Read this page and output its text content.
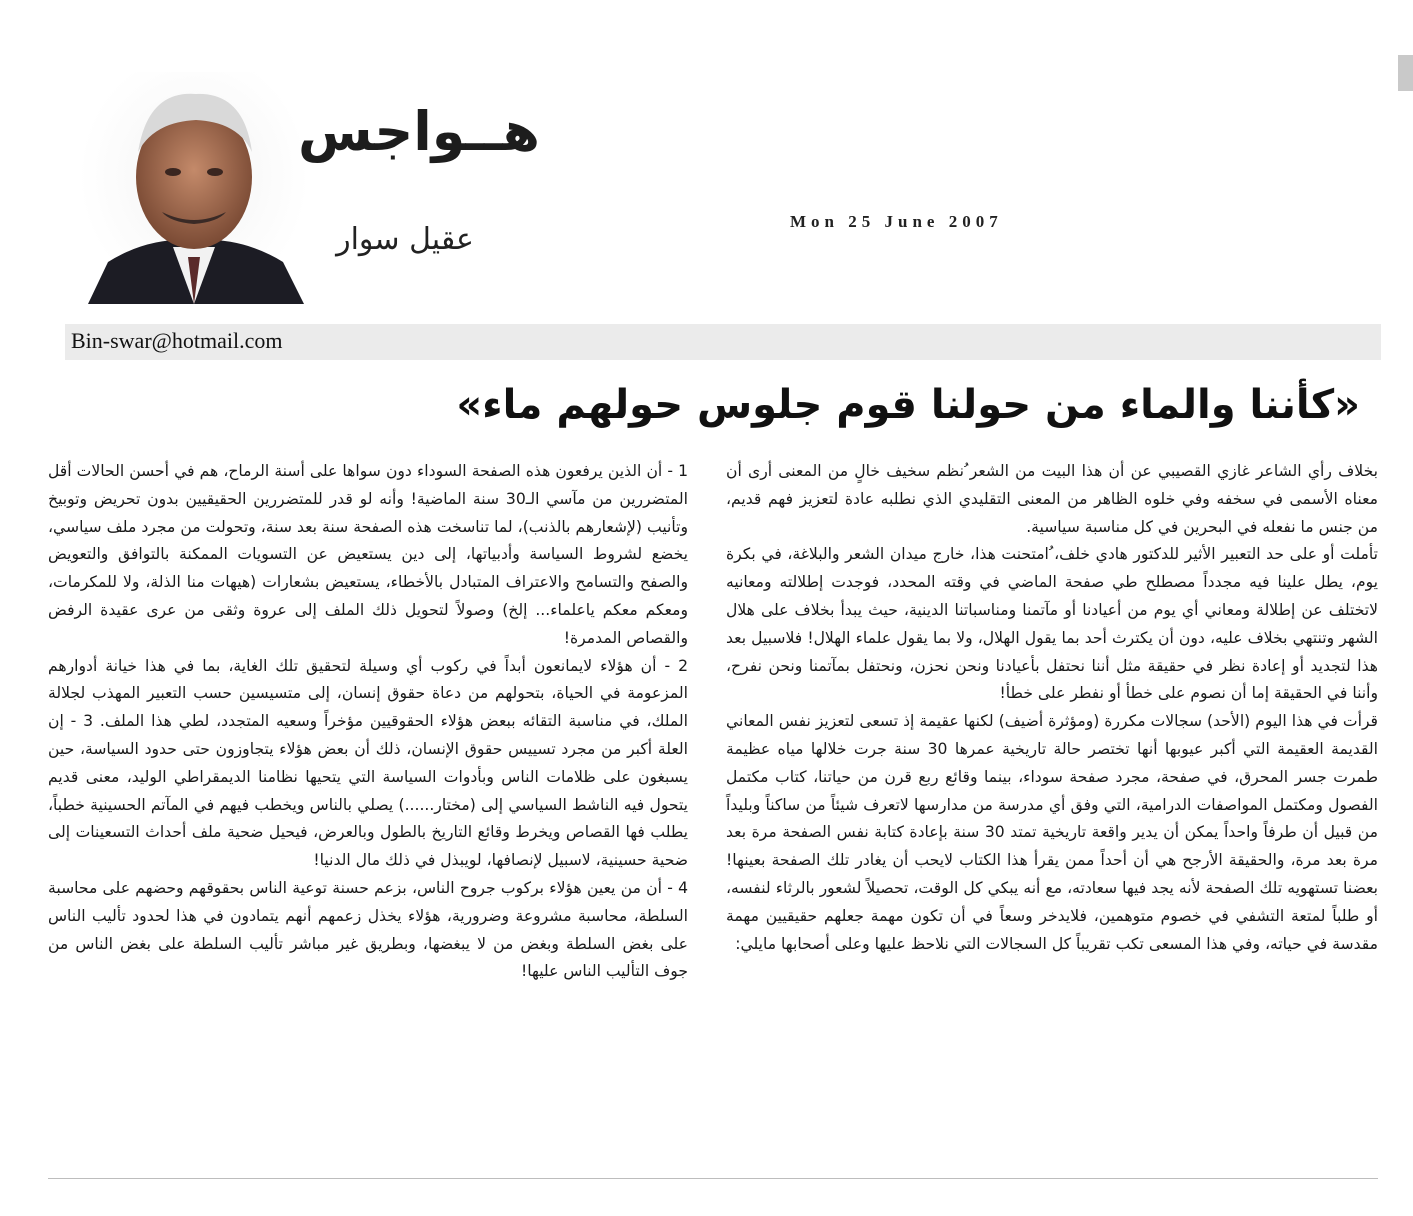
هــواجس
عقيل سوار
Mon 25 June 2007
Bin-swar@hotmail.com
«كأننا والماء من حولنا قوم جلوس حولهم ماء»

بخلاف رأي الشاعر غازي القصيبي عن أن هذا البيت من الشعر ُنظم سخيف خالٍ من المعنى أرى أن معناه الأسمى في سخفه وفي خلوه الظاهر من المعنى التقليدي الذي نطلبه عادة لتعزيز فهم قديم، من جنس ما نفعله في البحرين في كل مناسبة سياسية.

تأملت أو على حد التعبير الأثير للدكتور هادي خلف، ُامتحنت هذا، خارج ميدان الشعر والبلاغة، في بكرة يوم، يطل علينا فيه مجدداً مصطلح طي صفحة الماضي في وقته المحدد، فوجدت إطلالته ومعانيه لاتختلف عن إطلالة ومعاني أي يوم من أعيادنا أو مآتمنا ومناسباتنا الدينية، حيث يبدأ بخلاف على هلال الشهر وتنتهي بخلاف عليه، دون أن يكترث أحد بما يقول الهلال، ولا بما يقول علماء الهلال! فلاسبيل بعد هذا لتجديد أو إعادة نظر في حقيقة مثل أننا نحتفل بأعيادنا ونحن نحزن، ونحتفل بمآتمنا ونحن نفرح، وأننا في الحقيقة إما أن نصوم على خطأ أو نفطر على خطأ!

قرأت في هذا اليوم (الأحد) سجالات مكررة (ومؤثرة أضيف) لكنها عقيمة إذ تسعى لتعزيز نفس المعاني القديمة العقيمة التي أكبر عيوبها أنها تختصر حالة تاريخية عمرها 30 سنة جرت خلالها مياه عظيمة طمرت جسر المحرق، في صفحة، مجرد صفحة سوداء، بينما وقائع ربع قرن من حياتنا، كتاب مكتمل الفصول ومكتمل المواصفات الدرامية، التي وفق أي مدرسة من مدارسها لاتعرف شيئاً من ساكناً وبليداً من قبيل أن طرفاً واحداً يمكن أن يدير واقعة تاريخية تمتد 30 سنة بإعادة كتابة نفس الصفحة مرة بعد مرة بعد مرة، والحقيقة الأرجح هي أن أحداً ممن يقرأ هذا الكتاب لايحب أن يغادر تلك الصفحة بعينها! بعضنا تستهويه تلك الصفحة لأنه يجد فيها سعادته، مع أنه يبكي كل الوقت، تحصيلاً لشعور بالرثاء لنفسه، أو طلباً لمتعة التشفي في خصوم متوهمين، فلايدخر وسعاً في أن تكون مهمة جعلهم حقيقيين مهمة مقدسة في حياته، وفي هذا المسعى تكب تقريباً كل السجالات التي نلاحظ عليها وعلى أصحابها مايلي:

1 - أن الذين يرفعون هذه الصفحة السوداء دون سواها على أسنة الرماح، هم في أحسن الحالات أقل المتضررين من مآسي الـ30 سنة الماضية! وأنه لو قدر للمتضررين الحقيقيين بدون تحريض وتوبيخ وتأنيب (لإشعارهم بالذنب)، لما تناسخت هذه الصفحة سنة بعد سنة، وتحولت من مجرد ملف سياسي، يخضع لشروط السياسة وأدبياتها، إلى دين يستعيض عن التسويات الممكنة بالتوافق والتعويض والصفح والتسامح والاعتراف المتبادل بالأخطاء، يستعيض بشعارات (هيهات منا الذلة، ولا للمكرمات، ومعكم معكم ياعلماء... إلخ) وصولاً لتحويل ذلك الملف إلى عروة وثقى من عرى عقيدة الرفض والقصاص المدمرة!

2 - أن هؤلاء لايمانعون أبداً في ركوب أي وسيلة لتحقيق تلك الغاية، بما في هذا خيانة أدوارهم المزعومة في الحياة، بتحولهم من دعاة حقوق إنسان، إلى متسيسين حسب التعبير المهذب لجلالة الملك، في مناسبة التقائه ببعض هؤلاء الحقوقيين مؤخراً وسعيه المتجدد، لطي هذا الملف. 3 - إن العلة أكبر من مجرد تسييس حقوق الإنسان، ذلك أن بعض هؤلاء يتجاوزون حتى حدود السياسة، حين يسبغون على ظلامات الناس وبأدوات السياسة التي يتحيها نظامنا الديمقراطي الوليد، معنى قديم يتحول فيه الناشط السياسي إلى (مختار......) يصلي بالناس ويخطب فيهم في المآتم الحسينية خطباً، يطلب فها القصاص ويخرط وقائع التاريخ بالطول وبالعرض، فيحيل ضحية ملف أحداث التسعينات إلى ضحية حسينية، لاسبيل لإنصافها، لويبذل في ذلك مال الدنيا!

4 - أن من يعين هؤلاء بركوب جروح الناس، بزعم حسنة توعية الناس بحقوقهم وحضهم على محاسبة السلطة، محاسبة مشروعة وضرورية، هؤلاء يخذل زعمهم أنهم يتمادون في هذا لحدود تأليب الناس على بغض السلطة وبغض من لا يبغضها، وبطريق غير مباشر تأليب السلطة على بغض الناس من جوف التأليب الناس عليها!
